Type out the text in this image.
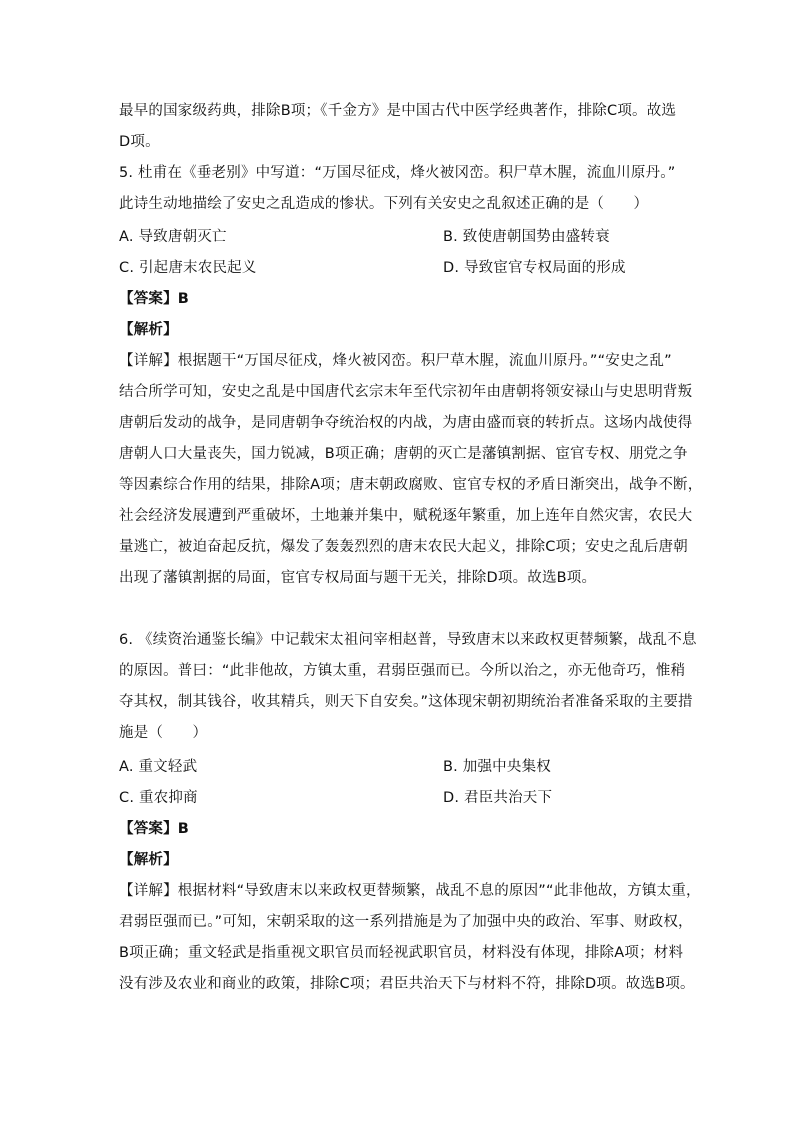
最早的国家级药典，排除B项；《千金方》是中国古代中医学经典著作，排除C项。故选
D项。
5. 杜甫在《垂老别》中写道：“万国尽征戍，烽火被冈峦。积尸草木腥，流血川原丹。”
此诗生动地描绘了安史之乱造成的惨状。下列有关安史之乱叙述正确的是（　　）
A. 导致唐朝灭亡	B. 致使唐朝国势由盛转衰
C. 引起唐末农民起义	D. 导致宦官专权局面的形成
【答案】B
【解析】
【详解】根据题干“万国尽征戍，烽火被冈峦。积尸草木腥，流血川原丹。”“安史之乱”
结合所学可知，安史之乱是中国唐代玄宗末年至代宗初年由唐朝将领安禄山与史思明背叛
唐朝后发动的战争，是同唐朝争夺统治权的内战，为唐由盛而衰的转折点。这场内战使得
唐朝人口大量丧失，国力锐减，B项正确；唐朝的灭亡是藩镇割据、宦官专权、朋党之争
等因素综合作用的结果，排除A项；唐末朝政腐败、宦官专权的矛盾日渐突出，战争不断，
社会经济发展遭到严重破坏，土地兼并集中，赋税逐年繁重，加上连年自然灾害，农民大
量逃亡，被迫奋起反抗，爆发了轰轰烈烈的唐末农民大起义，排除C项；安史之乱后唐朝
出现了藩镇割据的局面，宦官专权局面与题干无关，排除D项。故选B项。
6. 《续资治通鉴长编》中记载宋太祖问宰相赵普，导致唐末以来政权更替频繁，战乱不息
的原因。普曰：“此非他故，方镇太重，君弱臣强而已。今所以治之，亦无他奇巧，惟稍
夺其权，制其钱谷，收其精兵，则天下自安矣。”这体现宋朝初期统治者准备采取的主要措
施是（　　）
A. 重文轻武	B. 加强中央集权
C. 重农抑商	D. 君臣共治天下
【答案】B
【解析】
【详解】根据材料“导致唐末以来政权更替频繁，战乱不息的原因”“此非他故，方镇太重，
君弱臣强而已。”可知，宋朝采取的这一系列措施是为了加强中央的政治、军事、财政权，
B项正确；重文轻武是指重视文职官员而轻视武职官员，材料没有体现，排除A项；材料
没有涉及农业和商业的政策，排除C项；君臣共治天下与材料不符，排除D项。故选B项。
